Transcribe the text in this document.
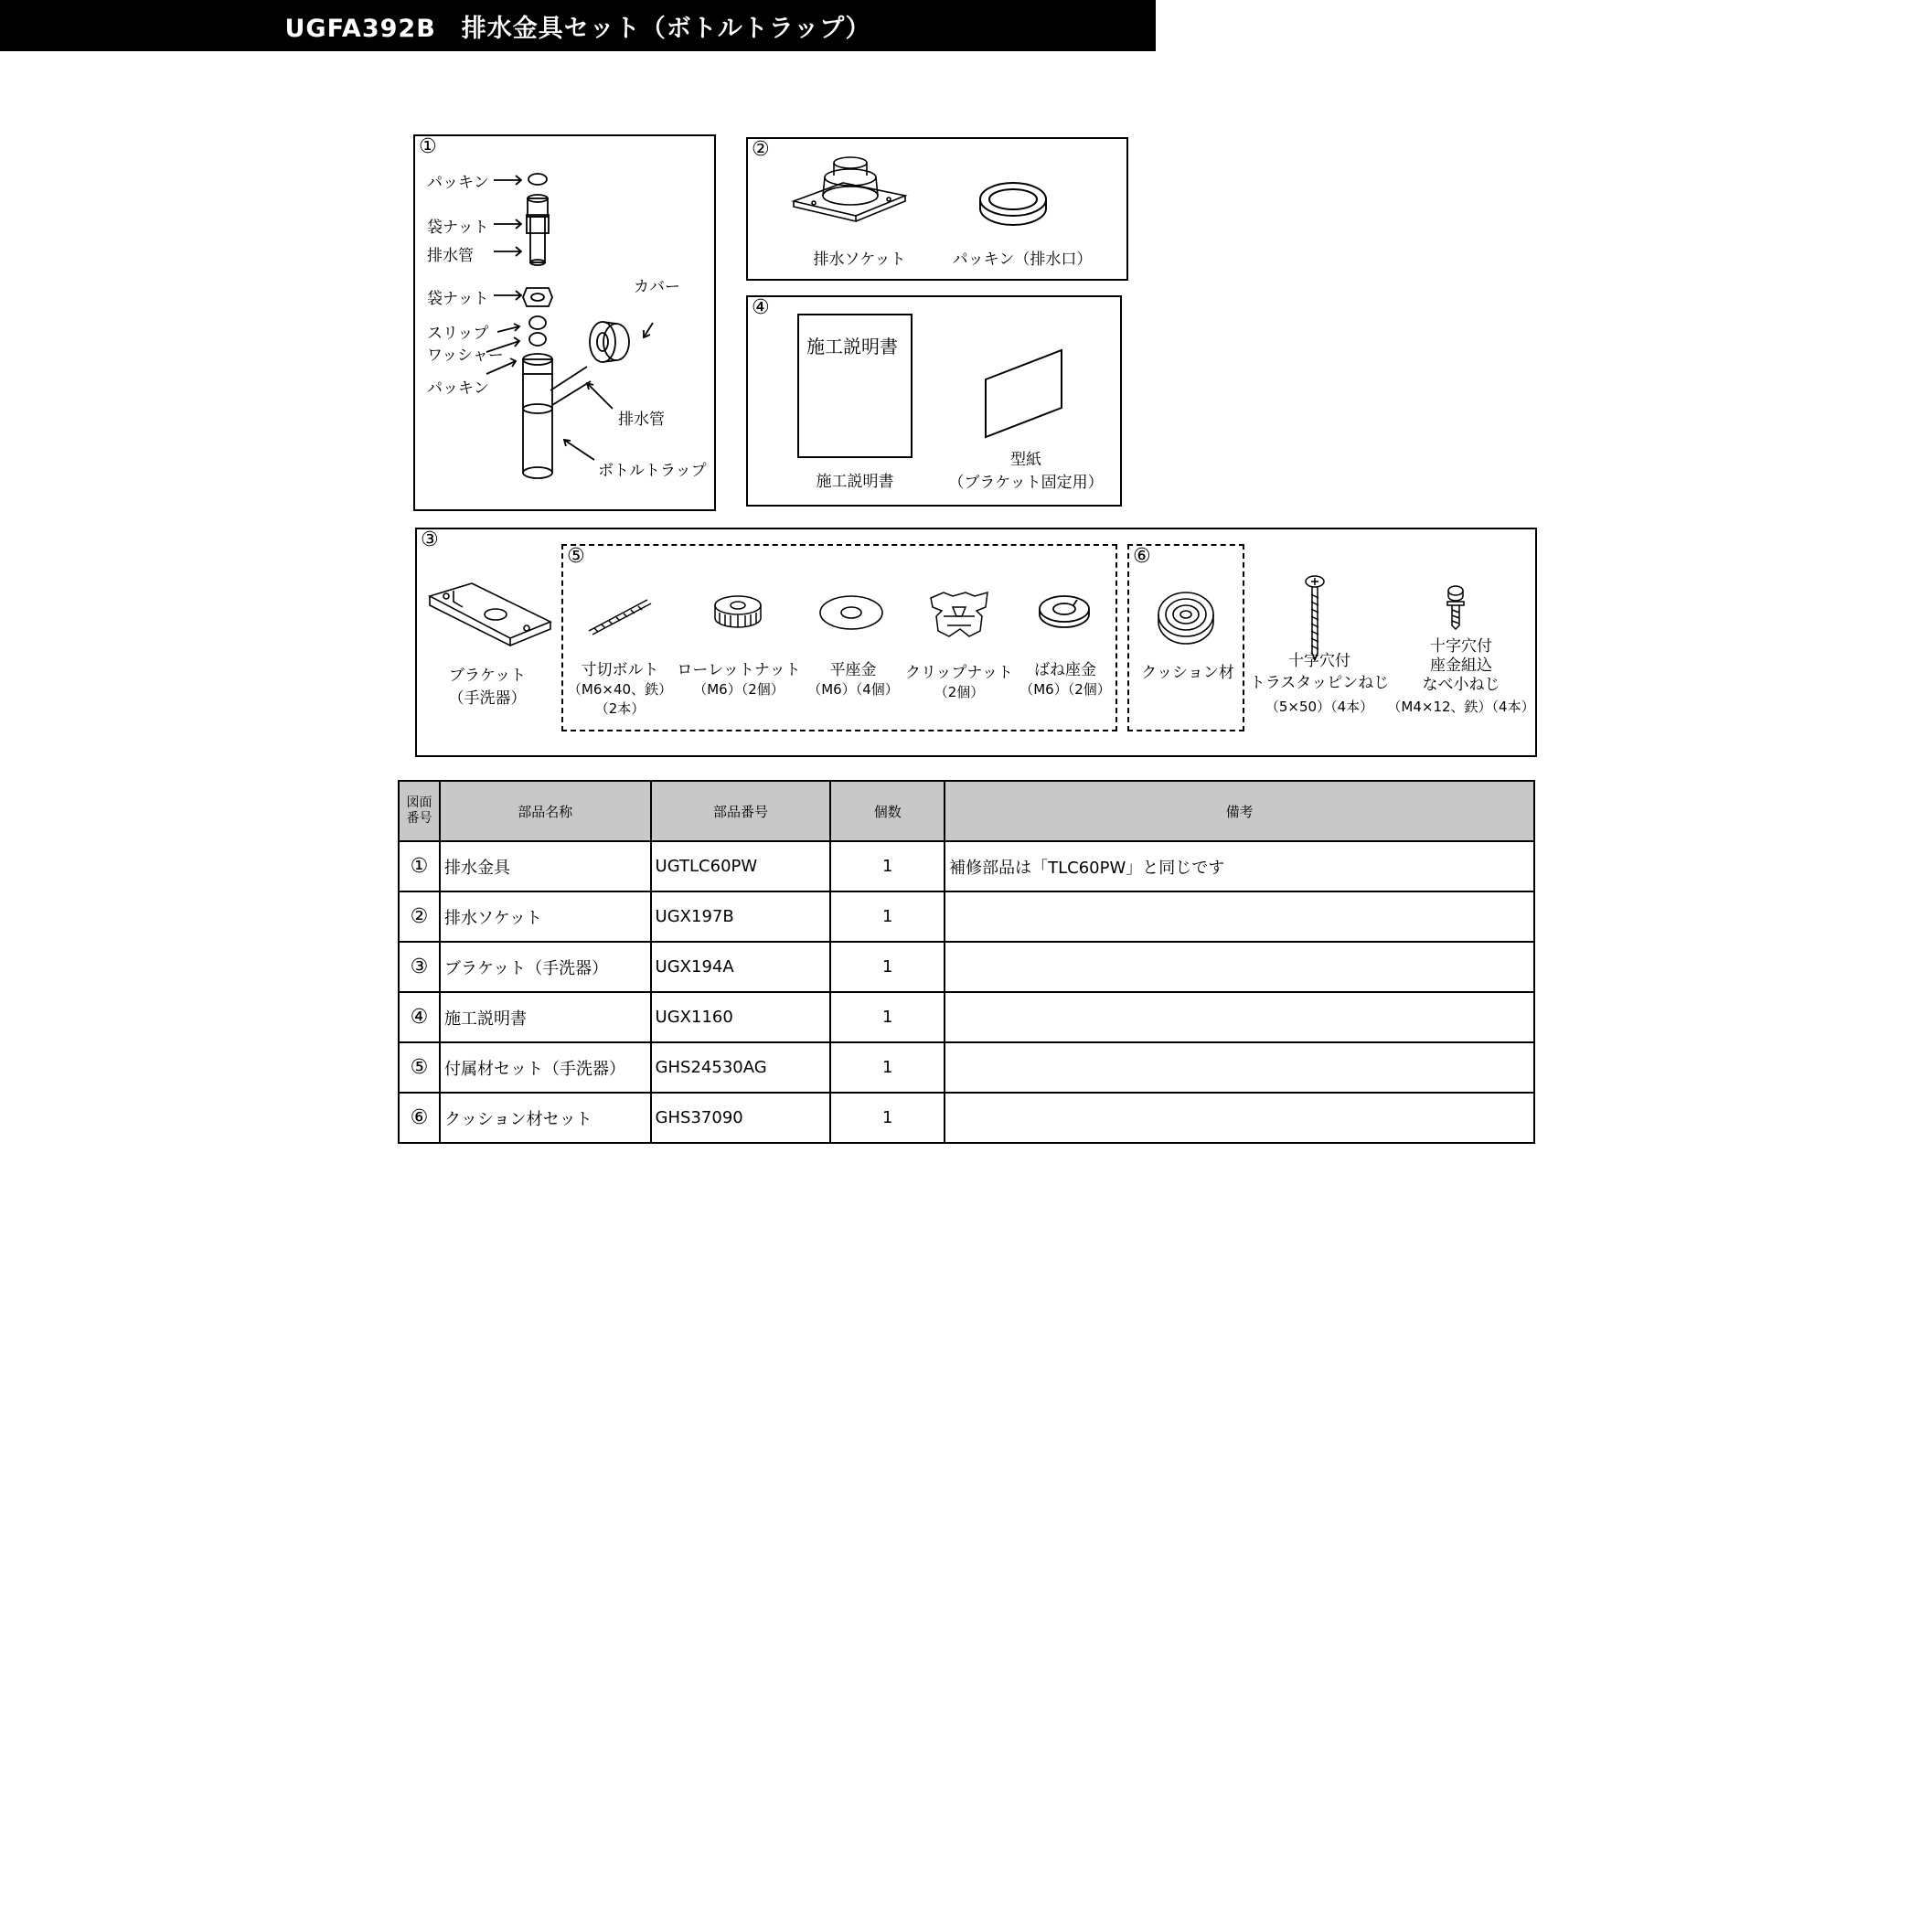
UGFA392B　排水金具セット（ボトルトラップ）
①
パッキン
袋ナット
排水管
袋ナット
スリップ
ワッシャー
パッキン
カバー
排水管
ボトルトラップ
②
排水ソケット	パッキン（排水口）
④
施工説明書
施工説明書
型紙
（ブラケット固定用）
③
ブラケット
（手洗器）
⑤
寸切ボルト
（M6×40、鉄）
（2本）
ローレットナット
（M6）（2個）
平座金
（M6）（4個）
クリップナット
（2個）
ばね座金
（M6）（2個）
⑥
クッション材
十字穴付
トラスタッピンねじ
（5×50）（4本）
十字穴付
座金組込
なべ小ねじ
（M4×12、鉄）（4本）
図面
番号	部品名称	部品番号	個数	備考
①	排水金具	UGTLC60PW	1	補修部品は「TLC60PW」と同じです
②	排水ソケット	UGX197B	1	
③	ブラケット（手洗器）	UGX194A	1	
④	施工説明書	UGX1160	1	
⑤	付属材セット（手洗器）	GHS24530AG	1	
⑥	クッション材セット	GHS37090	1	
